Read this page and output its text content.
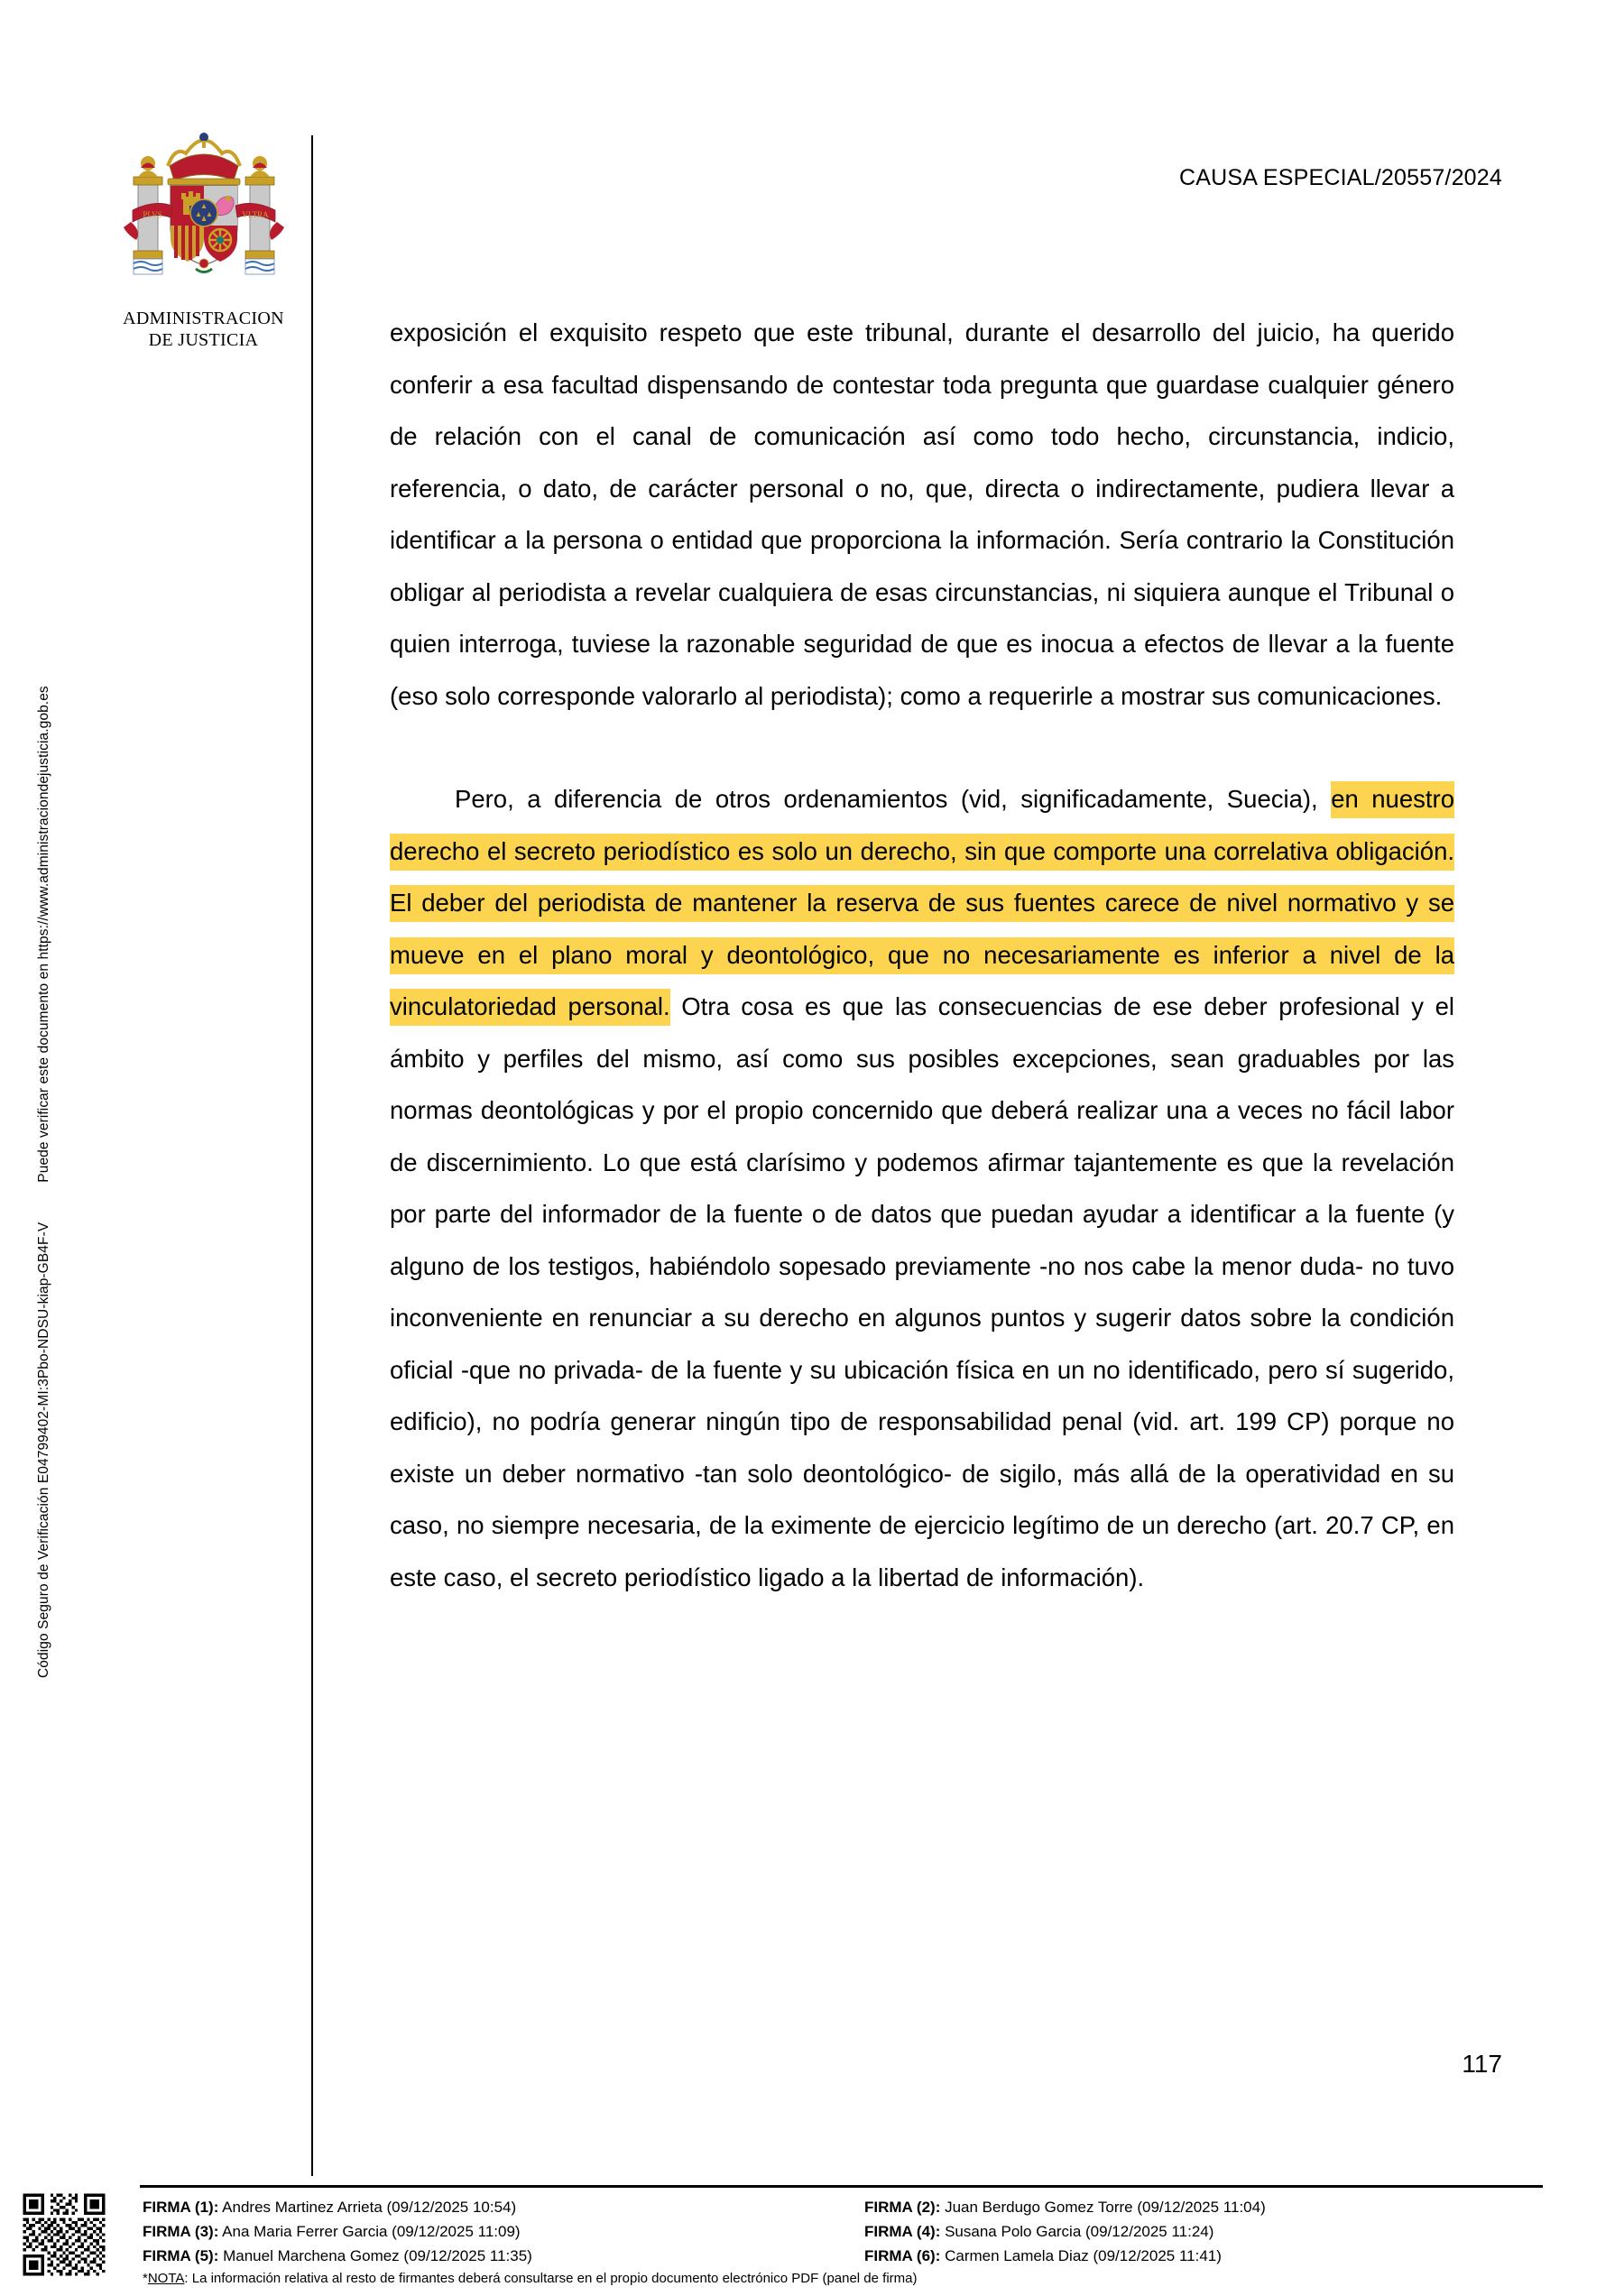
CAUSA ESPECIAL/20557/2024
PLVS	VLTRA
ADMINISTRACION
DE JUSTICIA
Código Seguro de Verificación

E04799402-MI:3Pbo-NDSU-kiap-GB4F-V
Puede verificar este documento en https://www.administraciondejusticia.gob.es

exposición el exquisito respeto que este tribunal, durante el desarrollo del juicio, ha querido conferir a esa facultad dispensando de contestar toda pregunta que guardase cualquier género de relación con el canal de comunicación así como todo hecho, circunstancia, indicio, referencia, o dato, de carácter personal o no, que, directa o indirectamente, pudiera llevar a identificar a la persona o entidad que proporciona la información. Sería contrario la Constitución obligar al periodista a revelar cualquiera de esas circunstancias, ni siquiera aunque el Tribunal o quien interroga, tuviese la razonable seguridad de que es inocua a efectos de llevar a la fuente (eso solo corresponde valorarlo al periodista); como a requerirle a mostrar sus comunicaciones.

Pero, a diferencia de otros ordenamientos (vid, significadamente, Suecia), en nuestro derecho el secreto periodístico es solo un derecho, sin que comporte una correlativa obligación. El deber del periodista de mantener la reserva de sus fuentes carece de nivel normativo y se mueve en el plano moral y deontológico, que no necesariamente es inferior a nivel de la vinculatoriedad personal. Otra cosa es que las consecuencias de ese deber profesional y el ámbito y perfiles del mismo, así como sus posibles excepciones, sean graduables por las normas deontológicas y por el propio concernido que deberá realizar una a veces no fácil labor de discernimiento. Lo que está clarísimo y podemos afirmar tajantemente es que la revelación por parte del informador de la fuente o de datos que puedan ayudar a identificar a la fuente (y alguno de los testigos, habiéndolo sopesado previamente -no nos cabe la menor duda- no tuvo inconveniente en renunciar a su derecho en algunos puntos y sugerir datos sobre la condición oficial -que no privada- de la fuente y su ubicación física en un no identificado, pero sí sugerido, edificio), no podría generar ningún tipo de responsabilidad penal (vid. art. 199 CP) porque no existe un deber normativo -tan solo deontológico- de sigilo, más allá de la operatividad en su caso, no siempre necesaria, de la eximente de ejercicio legítimo de un derecho (art. 20.7 CP, en este caso, el secreto periodístico ligado a la libertad de información).

117
FIRMA (1): Andres Martinez Arrieta (09/12/2025 10:54)	FIRMA (2): Juan Berdugo Gomez Torre (09/12/2025 11:04)
FIRMA (3): Ana Maria Ferrer Garcia (09/12/2025 11:09)	FIRMA (4): Susana Polo Garcia (09/12/2025 11:24)
FIRMA (5): Manuel Marchena Gomez (09/12/2025 11:35)	FIRMA (6): Carmen Lamela Diaz (09/12/2025 11:41)
*NOTA: La información relativa al resto de firmantes deberá consultarse en el propio documento electrónico PDF (panel de firma)
